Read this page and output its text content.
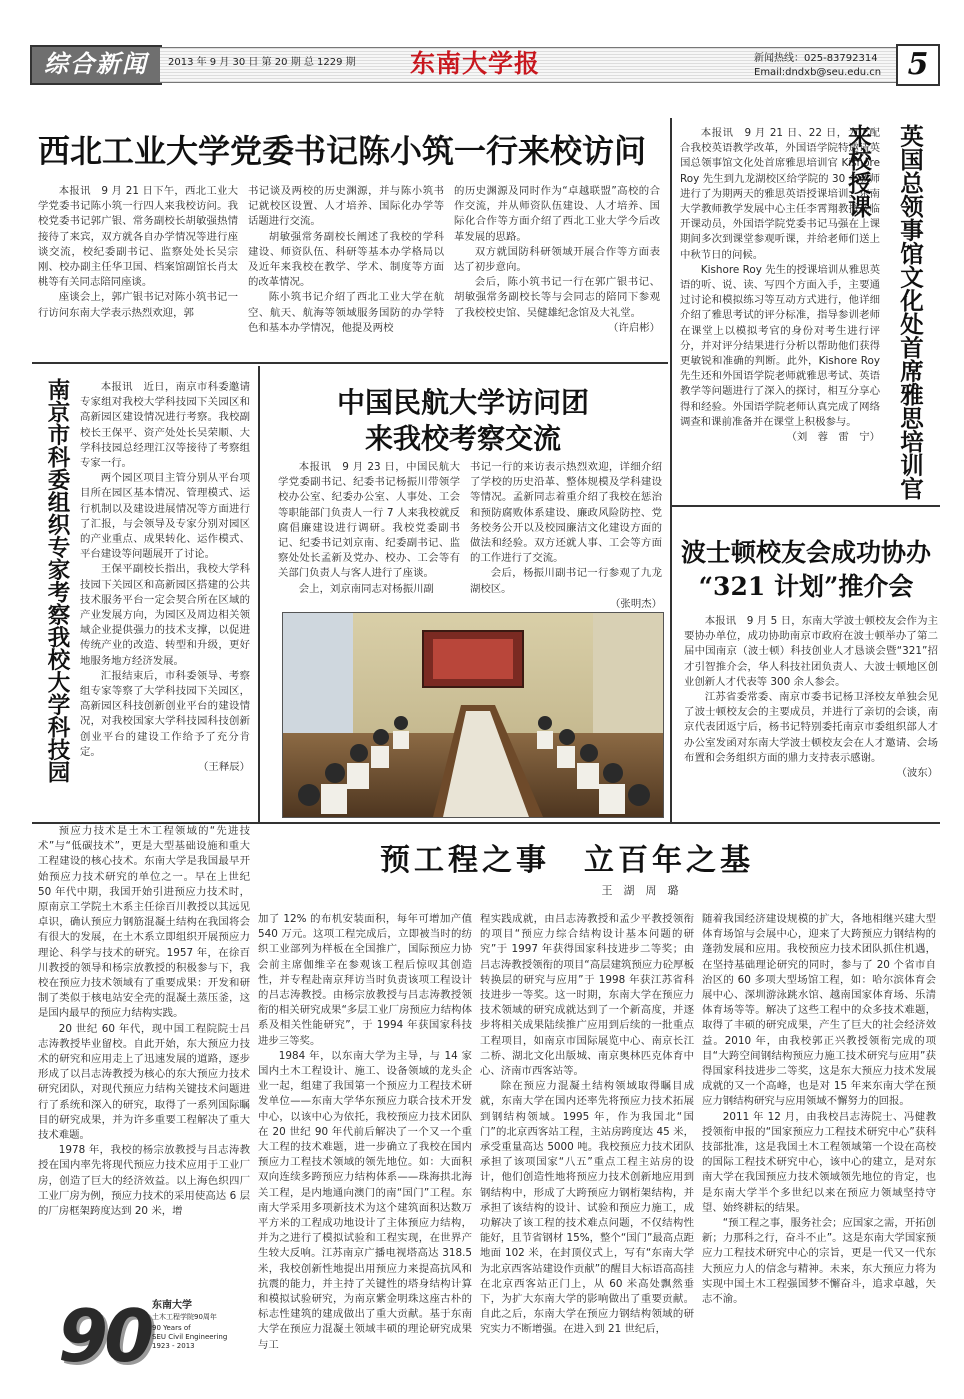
综合新闻	2013 年 9 月 30 日 第 20 期 总 1229 期	东南大学报	新闻热线：025-83792314
Email:dndxb@seu.edu.cn 5
西北工业大学党委书记陈小筑一行来校访问

本报讯　9 月 21 日下午，西北工业大学党委书记陈小筑一行四人来我校访问。我校党委书记郭广银、常务副校长胡敏强热情接待了来宾，双方就各自办学情况等进行座谈交流，校纪委副书记、监察处处长吴宗刚、校办副主任华卫国、档案馆副馆长肖太桃等有关同志陪同座谈。

座谈会上，郭广银书记对陈小筑书记一行访问东南大学表示热烈欢迎，郭

书记谈及两校的历史渊源，并与陈小筑书记就校区设置、人才培养、国际化办学等话题进行交流。

胡敏强常务副校长阐述了我校的学科建设、师资队伍、科研等基本办学格局以及近年来我校在教学、学术、制度等方面的改革情况。

陈小筑书记介绍了西北工业大学在航空、航天、航海等领域服务国防的办学特色和基本办学情况，他提及两校

的历史渊源及同时作为“卓越联盟”高校的合作交流，并从师资队伍建设、人才培养、国际化合作等方面介绍了西北工业大学今后改革发展的思路。

双方就国防科研领域开展合作等方面表达了初步意向。

会后，陈小筑书记一行在郭广银书记、胡敏强常务副校长等与会同志的陪同下参观了我校校史馆、吴健雄纪念馆及大礼堂。

（许启彬）

本报讯　9 月 21 日、22 日，为了配合我校英语教学改革，外国语学院特邀请英国总领事馆文化处首席雅思培训官 Kishore Roy 先生到九龙湖校区给学院的 30 名教师进行了为期两天的雅思英语授课培训。东南大学教师教学发展中心主任李霄翔教授莅临开课动员，外国语学院党委书记马强在上课期间多次到课堂参观听课，并给老师们送上中秋节日的问候。

Kishore Roy 先生的授课培训从雅思英语的听、说、读、写四个方面入手，主要通过讨论和模拟练习等互动方式进行，他详细介绍了雅思考试的评分标准，指导参训老师在课堂上以模拟考官的身份对考生进行评分，并对评分结果进行分析以帮助他们获得更敏锐和准确的判断。此外，Kishore Roy 先生还和外国语学院老师就雅思考试、英语教学等问题进行了深入的探讨，相互分享心得和经验。外国语学院老师认真完成了网络调查和课前准备并在课堂上积极参与。

（刘　蓉　雷　宁） 英国总领事馆文化处首席雅思培训官来校授课
南京市科委组织专家考察我校大学科技园	本报讯　近日，南京市科委邀请专家组对我校大学科技园下关园区和高新园区建设情况进行考察。我校副校长王保平、资产处处长吴荣顺、大学科技园总经理江汉等接待了考察组专家一行。

两个园区项目主管分别从平台项目所在园区基本情况、管理模式、运行机制以及建设进展情况等方面进行了汇报，与会领导及专家分别对园区的产业重点、成果转化、运作模式、平台建设等问题展开了讨论。

王保平副校长指出，我校大学科技园下关园区和高新园区搭建的公共技术服务平台一定会契合所在区域的产业发展方向，为园区及周边相关领域企业提供强力的技术支撑，以促进传统产业的改造、转型和升级，更好地服务地方经济发展。

汇报结束后，市科委领导、考察组专家等察了大学科技园下关园区，高新园区科技创新创业平台的建设情况，对我校国家大学科技园科技创新创业平台的建设工作给予了充分肯定。

（王释辰）
中国民航大学访问团
来我校考察交流

本报讯　9 月 23 日，中国民航大学党委副书记、纪委书记杨振川带领学校办公室、纪委办公室、人事处、工会等职能部门负责人一行 7 人来我校就反腐倡廉建设进行调研。我校党委副书记、纪委书记刘京南、纪委副书记、监察处处长孟新及党办、校办、工会等有关部门负责人与客人进行了座谈。

会上，刘京南同志对杨振川副

书记一行的来访表示热烈欢迎，详细介绍了学校的历史沿革、整体规模及学科建设等情况。孟新同志着重介绍了我校在惩治和预防腐败体系建设、廉政风险防控、党务校务公开以及校园廉洁文化建设方面的做法和经验。双方还就人事、工会等方面的工作进行了交流。

会后，杨振川副书记一行参观了九龙湖校区。

（张明杰）
波士顿校友会成功协办
“321 计划”推介会

本报讯　9 月 5 日，东南大学波士顿校友会作为主要协办单位，成功协助南京市政府在波士顿举办了第二届中国南京（波士顿）科技创业人才恳谈会暨“321”招才引智推介会，华人科技社团负责人、大波士顿地区创业创新人才代表等 300 余人参会。

江苏省委常委、南京市委书记杨卫泽校友单独会见了波士顿校友会的主要成员，并进行了亲切的会谈，南京代表团返宁后，杨书记特别委托南京市委组织部人才办公室发函对东南大学波士顿校友会在人才邀请、会场布置和会务组织方面的鼎力支持表示感谢。

（波东）
预工程之事　立百年之基
王　湖　周　璐

预应力技术是土木工程领域的“先进技术”与“低碳技术”，更是大型基础设施和重大工程建设的核心技术。东南大学是我国最早开始预应力技术研究的单位之一。早在上世纪 50 年代中期，我国开始引进预应力技术时，原南京工学院土木系主任徐百川教授以其远见卓识，确认预应力钢筋混凝土结构在我国将会有很大的发展，在土木系立即组织开展预应力理论、科学与技术的研究。1957 年，在徐百川教授的领导和杨宗放教授的积极参与下，我校在预应力技术领域有了重要成果：开发和研制了类似于核电站安全壳的混凝土蒸压釜，这是国内最早的预应力结构实践。

20 世纪 60 年代，现中国工程院院士吕志涛教授毕业留校。自此开始，东大预应力技术的研究和应用走上了迅速发展的道路，逐步形成了以吕志涛教授为核心的东大预应力技术研究团队，对现代预应力结构关键技术问题进行了系统和深入的研究，取得了一系列国际瞩目的研究成果，并为许多重要工程解决了重大技术难题。

1978 年，我校的杨宗放教授与吕志涛教授在国内率先将现代预应力技术应用于工业厂房，创造了巨大的经济效益。以上海色织四厂工业厂房为例，预应力技术的采用使高达 6 层的厂房框架跨度达到 20 米，增

加了 12% 的布机安装面积，每年可增加产值 540 万元。这项工程完成后，立即被当时的纺织工业部列为样板在全国推广，国际预应力协会前主席伽维辛在参观该工程后惊叹其创造性，并专程赴南京拜访当时负责该项工程设计的吕志涛教授。由杨宗放教授与吕志涛教授领衔的相关研究成果“多层工业厂房预应力结构体系及相关性能研究”，于 1994 年获国家科技进步三等奖。

1984 年，以东南大学为主导，与 14 家国内土木工程设计、施工、设备领域的龙头企业一起，组建了我国第一个预应力工程技术研发单位——东南大学华东预应力联合技术开发中心，以该中心为依托，我校预应力技术团队在 20 世纪 90 年代前后解决了一个又一个重大工程的技术难题，进一步确立了我校在国内预应力工程技术领域的领先地位。如：大面积双向连续多跨预应力结构体系——珠海拱北海关工程，是内地通向澳门的南“国门”工程。东南大学采用多项新技术为这个建筑面积达数万平方米的工程成功地设计了主体预应力结构，并为之进行了模拟试验和工程实现，在世界产生较大反响。江苏南京广播电视塔高达 318.5 米，我校创新性地提出用预应力来提高抗风和抗震的能力，并主持了关键性的塔身结构计算和模拟试验研究，为南京紫金明珠这座古朴的标志性建筑的建成做出了重大贡献。基于东南大学在预应力混凝土领域丰硕的理论研究成果与工

程实践成就，由吕志涛教授和孟少平教授领衔的项目“预应力综合结构设计基本问题的研究”于 1997 年获得国家科技进步二等奖；由吕志涛教授领衔的项目“高层建筑预应力砼厚板转换层的研究与应用”于 1998 年获江苏省科技进步一等奖。这一时期，东南大学在预应力技术领域的研究成就达到了一个新高度，并逐步将相关成果陆续推广应用到后续的一批重点工程项目，如南京市国际展览中心、南京长江二桥、湖北文化出版城、南京奥林匹克体育中心、济南市西客站等。

除在预应力混凝土结构领域取得瞩目成就，东南大学在国内还率先将预应力技术拓展到钢结构领域。1995 年，作为我国北“国门”的北京西客站工程，主站房跨度达 45 米，承受重量高达 5000 吨。我校预应力技术团队承担了该项国家“八五”重点工程主站房的设计，他们创造性地将预应力技术创新地应用到钢结构中，形成了大跨预应力钢桁架结构，并承担了该结构的设计、试验和预应力施工，成功解决了该工程的技术难点问题，不仅结构性能好，且节省钢材 15%，整个“国门”最高点距地面 102 米，在封顶仪式上，写有“东南大学为北京西客站建设作贡献”的醒目大标语高高挂在北京西客站正门上，从 60 米高处飘然垂下，为扩大东南大学的影响做出了重要贡献。自此之后，东南大学在预应力钢结构领域的研究实力不断增强。在进入到 21 世纪后，

随着我国经济建设规模的扩大，各地相继兴建大型体育场馆与会展中心，迎来了大跨预应力钢结构的蓬勃发展和应用。我校预应力技术团队抓住机遇，在坚持基础理论研究的同时，参与了 20 个省市自治区的 60 多项大型场馆工程，如：哈尔滨体育会展中心、深圳游泳跳水馆、越南国家体育场、乐清体育场等等。解决了这些工程中的众多技术难题，取得了丰硕的研究成果，产生了巨大的社会经济效益。2010 年，由我校郭正兴教授领衔完成的项目“大跨空间钢结构预应力施工技术研究与应用”获得国家科技进步二等奖，这是东大预应力技术发展成就的又一个高峰，也是对 15 年来东南大学在预应力钢结构研究与应用领域不懈努力的回报。

2011 年 12 月，由我校吕志涛院士、冯健教授领衔申报的“国家预应力工程技术研究中心”获科技部批准，这是我国土木工程领域第一个设在高校的国际工程技术研究中心，该中心的建立，是对东南大学在我国预应力技术领域领先地位的肯定，也是东南大学半个多世纪以来在预应力领域坚持守望、始终耕耘的结果。

“预工程之事，服务社会；应国家之需，开拓创新；力那科之行，奋斗不止”。这是东南大学国家预应力工程技术研究中心的宗旨，更是一代又一代东大预应力人的信念与精神。未来，东大预应力将为实现中国土木工程强国梦不懈奋斗，追求卓越，矢志不渝。

90 东南大学
土木工程学院90周年
90 Years of
SEU Civil Engineering
1923 - 2013
